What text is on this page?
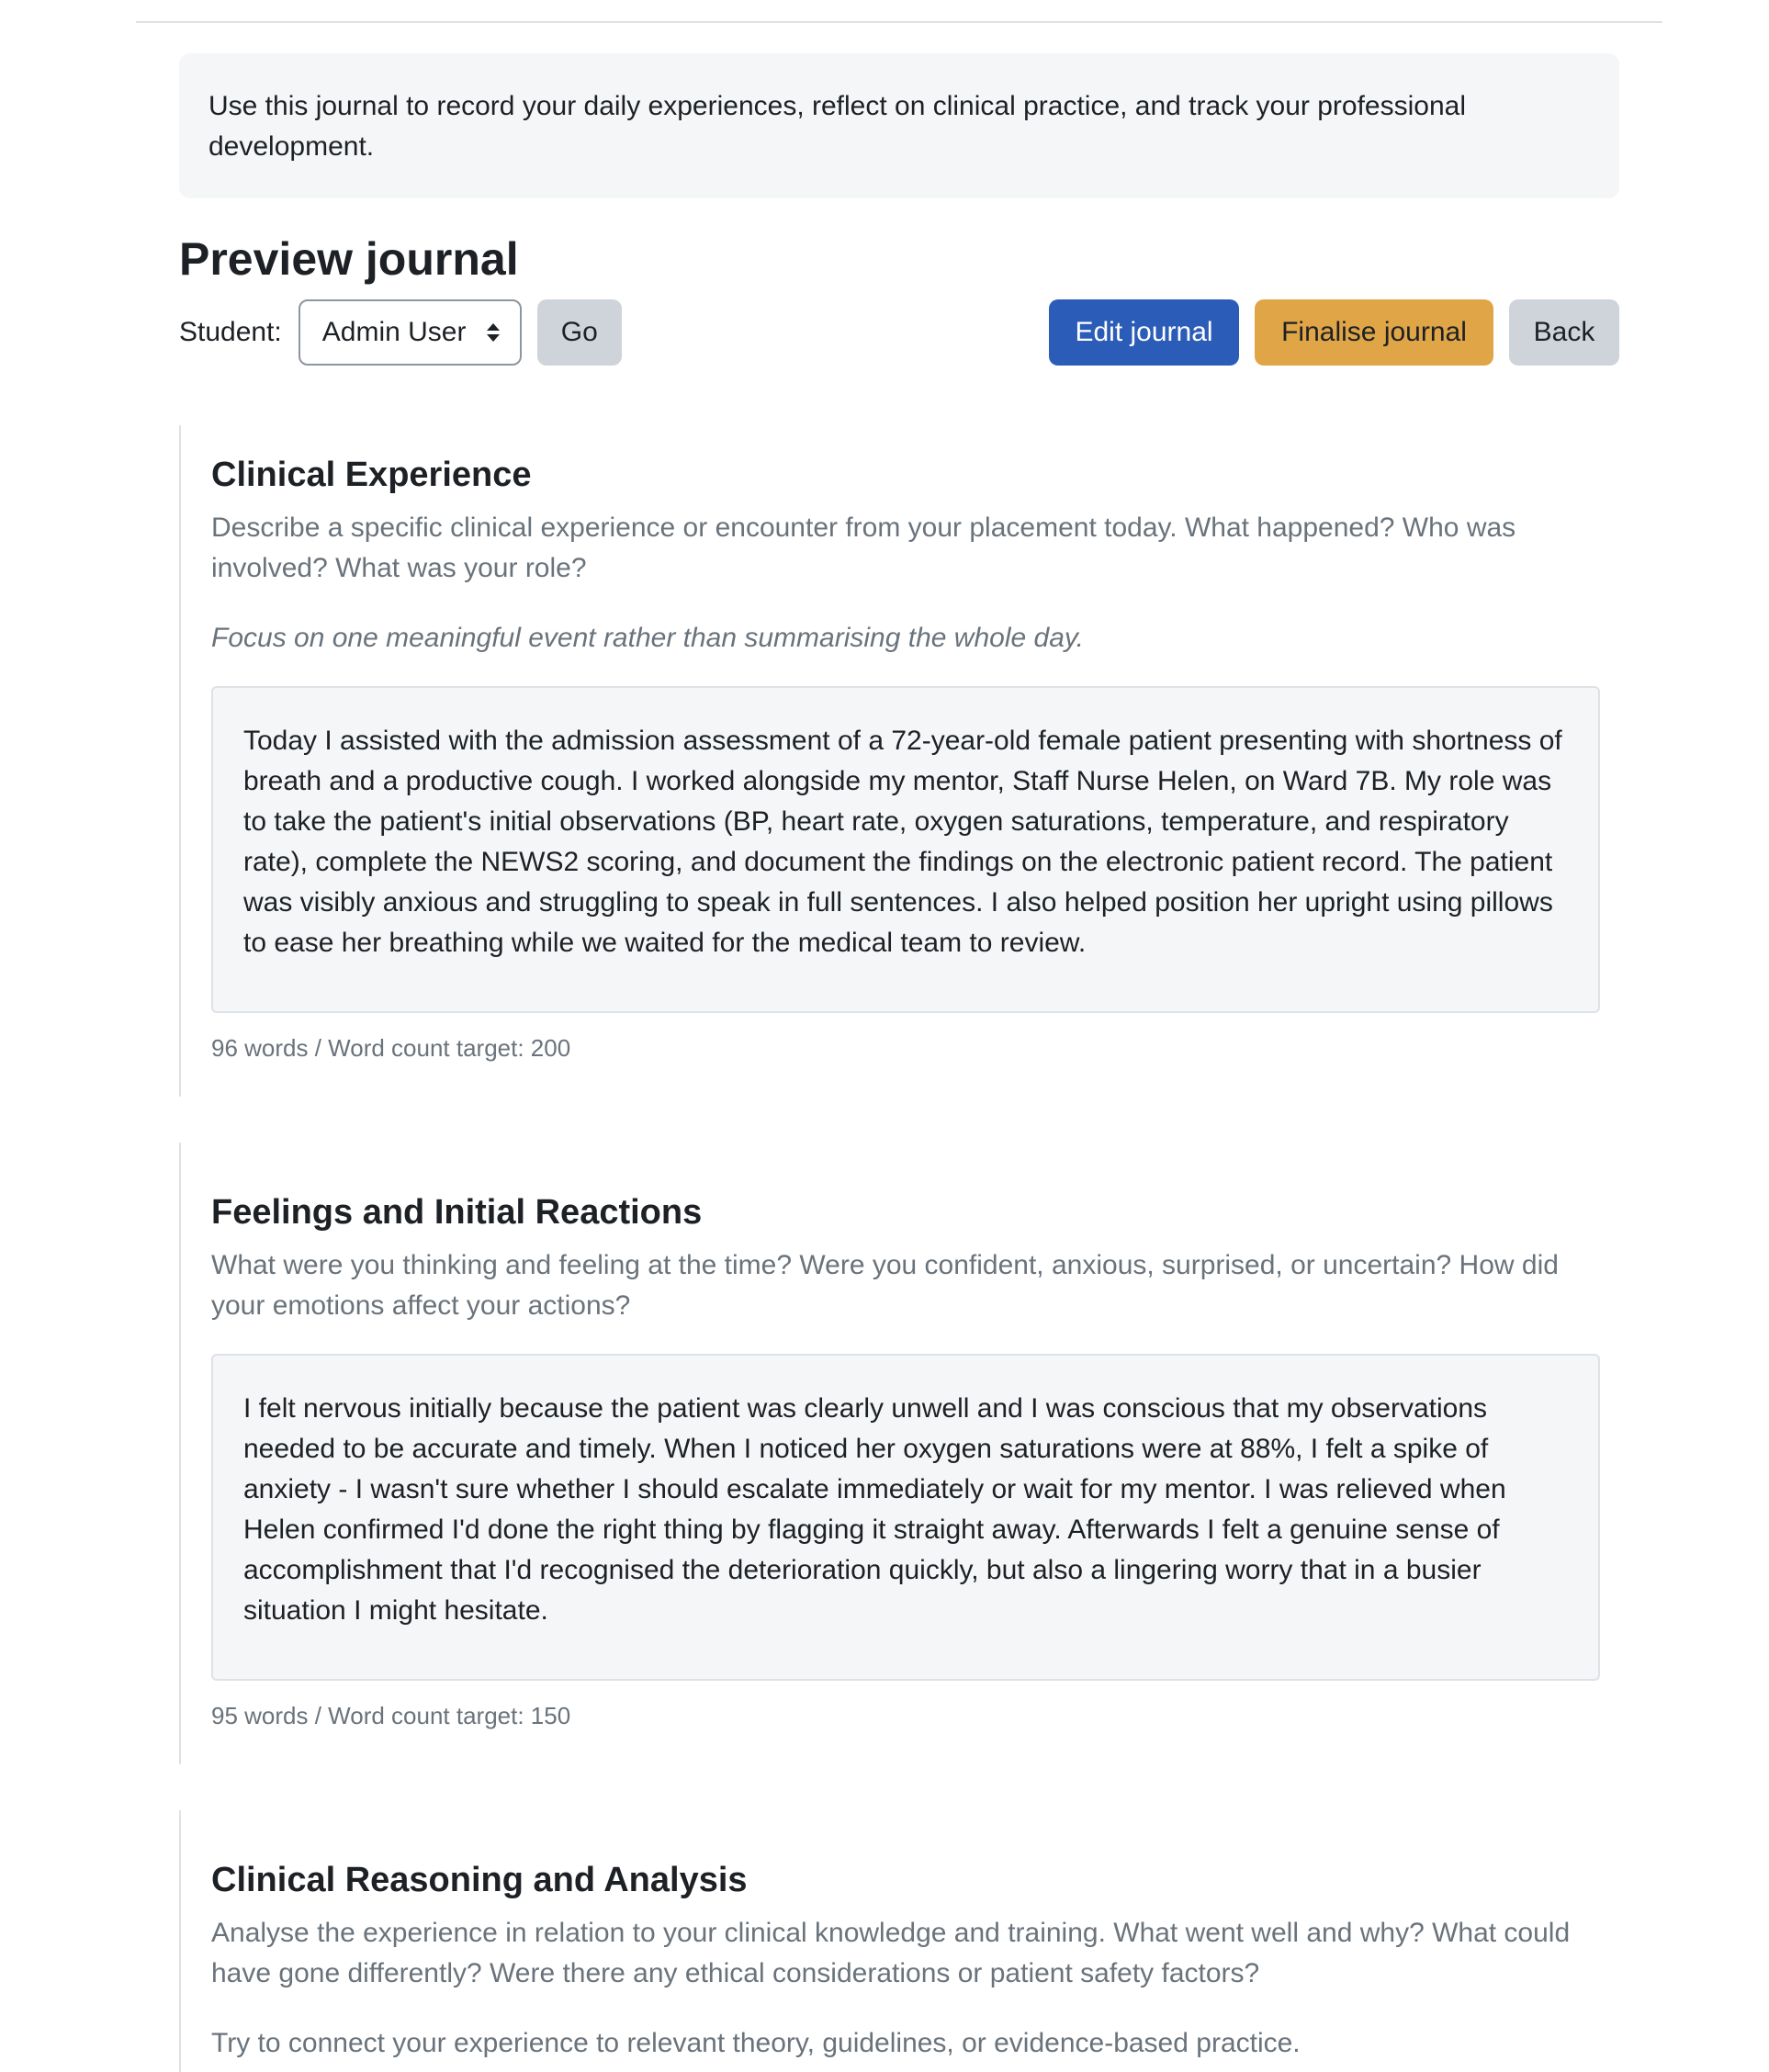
Use this journal to record your daily experiences, reflect on clinical practice, and track your professional development.
Preview journal
Student: Admin User	Go	Edit journal	Finalise journal	Back
Clinical Experience

Describe a specific clinical experience or encounter from your placement today. What happened? Who was involved? What was your role?

Focus on one meaningful event rather than summarising the whole day.

Today I assisted with the admission assessment of a 72-year-old female patient presenting with shortness of breath and a productive cough. I worked alongside my mentor, Staff Nurse Helen, on Ward 7B. My role was to take the patient's initial observations (BP, heart rate, oxygen saturations, temperature, and respiratory rate), complete the NEWS2 scoring, and document the findings on the electronic patient record. The patient was visibly anxious and struggling to speak in full sentences. I also helped position her upright using pillows to ease her breathing while we waited for the medical team to review.

96 words / Word count target: 200

Feelings and Initial Reactions

What were you thinking and feeling at the time? Were you confident, anxious, surprised, or uncertain? How did your emotions affect your actions?

I felt nervous initially because the patient was clearly unwell and I was conscious that my observations needed to be accurate and timely. When I noticed her oxygen saturations were at 88%, I felt a spike of anxiety - I wasn't sure whether I should escalate immediately or wait for my mentor. I was relieved when Helen confirmed I'd done the right thing by flagging it straight away. Afterwards I felt a genuine sense of accomplishment that I'd recognised the deterioration quickly, but also a lingering worry that in a busier situation I might hesitate.

95 words / Word count target: 150

Clinical Reasoning and Analysis

Analyse the experience in relation to your clinical knowledge and training. What went well and why? What could have gone differently? Were there any ethical considerations or patient safety factors?

Try to connect your experience to relevant theory, guidelines, or evidence-based practice.
